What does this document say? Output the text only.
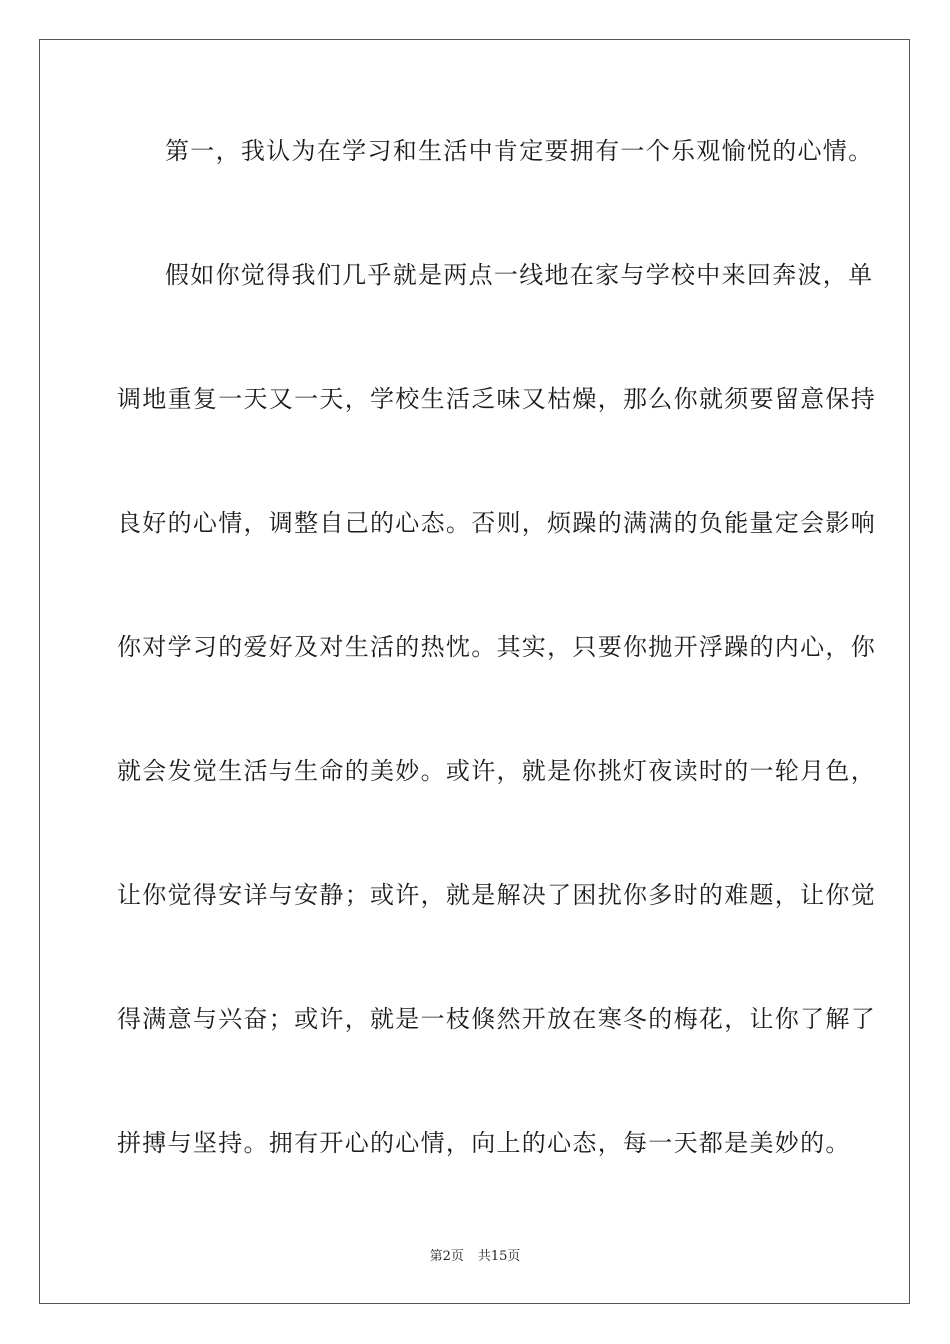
第一，我认为在学习和生活中肯定要拥有一个乐观愉悦的心情。
假如你觉得我们几乎就是两点一线地在家与学校中来回奔波，单
调地重复一天又一天，学校生活乏味又枯燥，那么你就须要留意保持
良好的心情，调整自己的心态。否则，烦躁的满满的负能量定会影响
你对学习的爱好及对生活的热忱。其实，只要你抛开浮躁的内心，你
就会发觉生活与生命的美妙。或许，就是你挑灯夜读时的一轮月色，
让你觉得安详与安静；或许，就是解决了困扰你多时的难题，让你觉
得满意与兴奋；或许，就是一枝倏然开放在寒冬的梅花，让你了解了
拼搏与坚持。拥有开心的心情，向上的心态，每一天都是美妙的。
第2页 共15页
